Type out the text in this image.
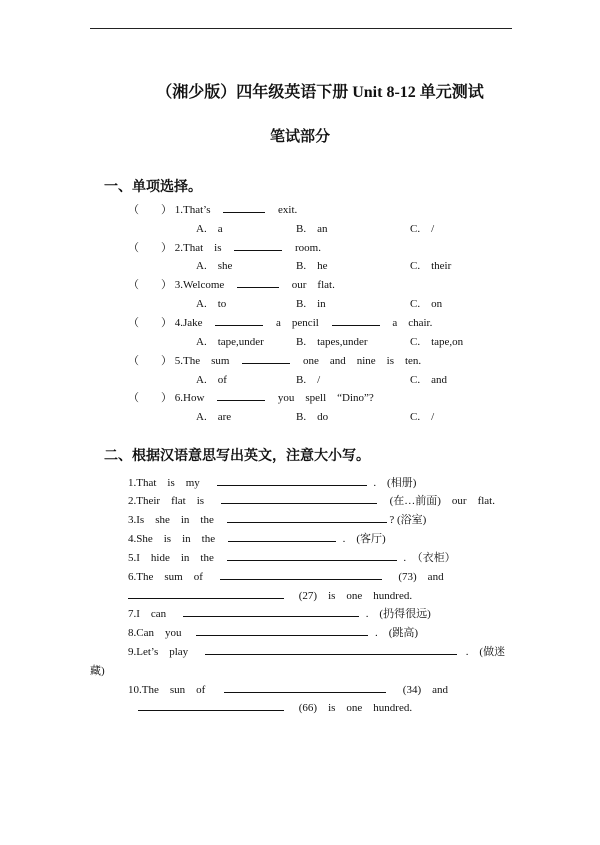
（湘少版）四年级英语下册 Unit 8-12 单元测试
笔试部分
一、单项选择。
（　　） 1.That’s	exit.
A.　a	B.　an	C.　/
（　　） 2.That　is	room.
A.　she	B.　he	C.　their
（　　） 3.Welcome	our　flat.
A.　to	B.　in	C.　on
（　　） 4.Jake	a　pencil	a　chair.
A.　tape,under	B.　tapes,under	C.　tape,on
（　　） 5.The　sum	one　and　nine　is　ten.
A.　of	B.　/	C.　and
（　　） 6.How	you　spell　“Dino”?
A.　are	B.　do	C.　/
二、根据汉语意思写出英文，注意大小写。
1.That　is　my	.　(相册)
2.Their　flat　is	(在…前面)　our　flat.
3.Is　she　in　the	? (浴室)
4.She　is　in　the	.　(客厅)
5.I　hide　in　the	.　（衣柜）
6.The　sum　of	(73)　and
(27)　is　one　hundred.
7.I　can	.　(扔得很远)
8.Can　you	.　(跳高)
9.Let’s　play	.　(做迷
藏)
10.The　sun　of	(34)　and
(66)　is　one　hundred.
